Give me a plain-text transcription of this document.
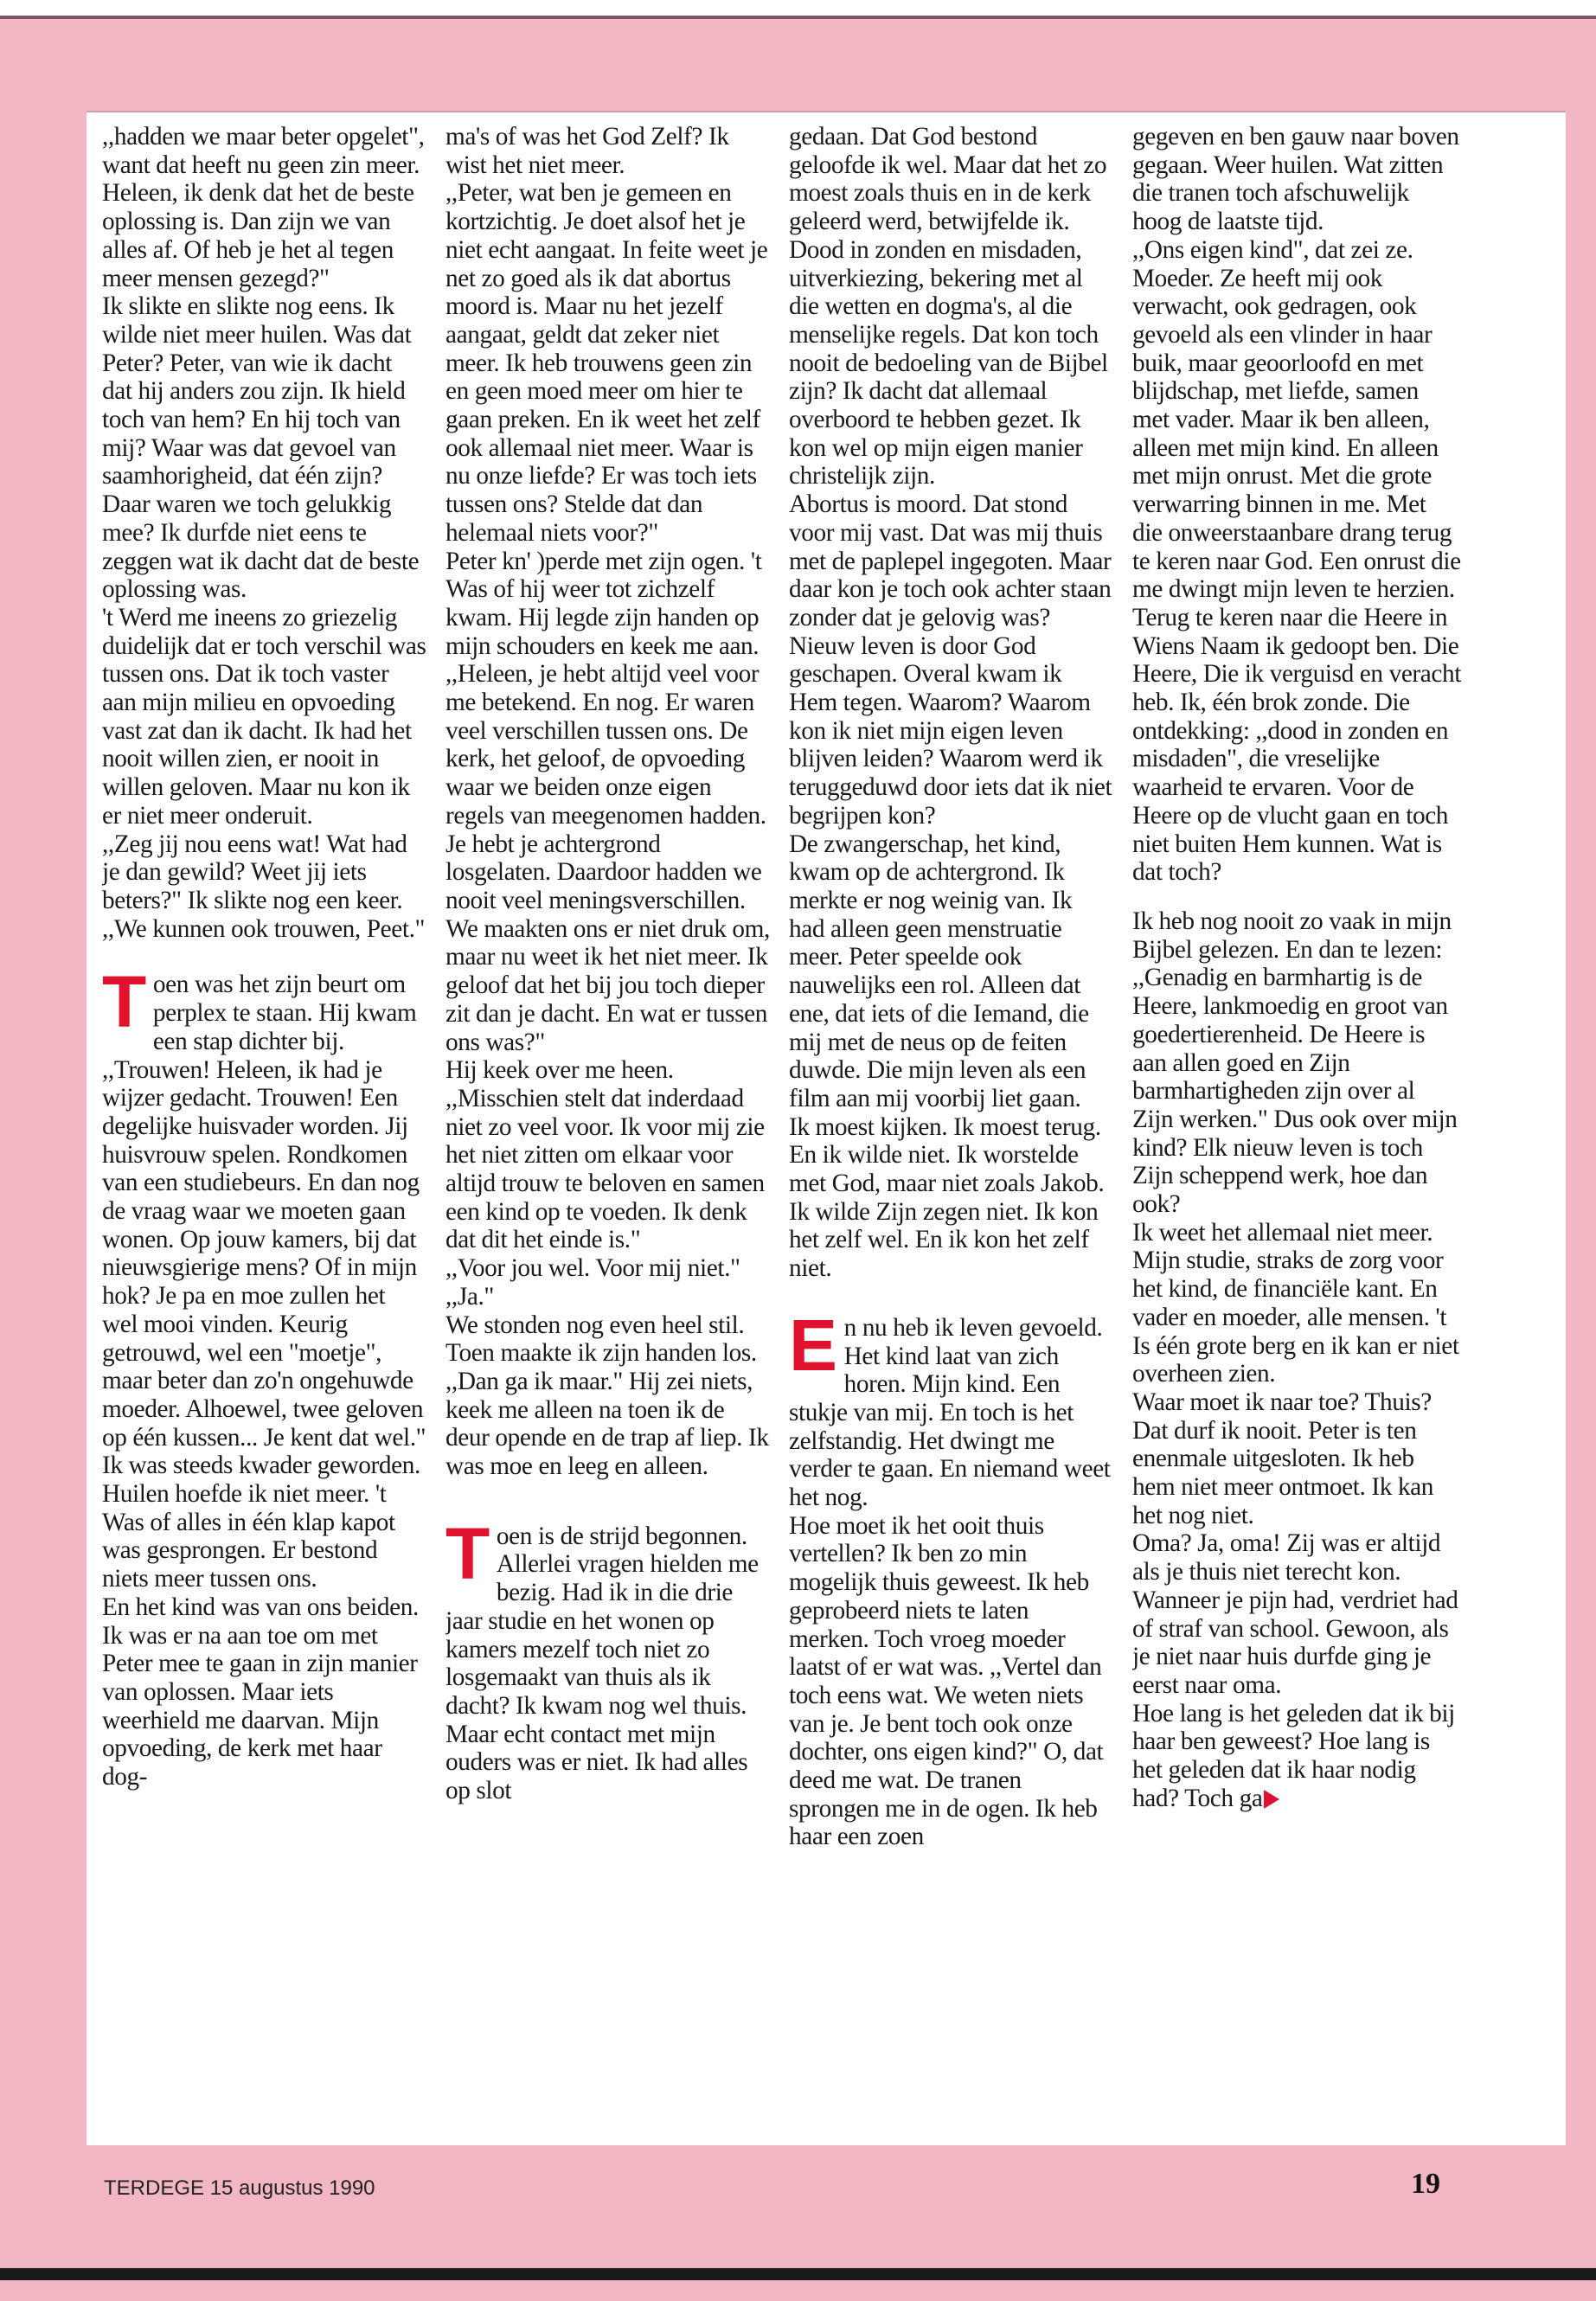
,,hadden we maar beter opgelet", want dat heeft nu geen zin meer. Heleen, ik denk dat het de beste oplossing is. Dan zijn we van alles af. Of heb je het al tegen meer mensen gezegd?"

Ik slikte en slikte nog eens. Ik wilde niet meer huilen. Was dat Peter? Peter, van wie ik dacht dat hij anders zou zijn. Ik hield toch van hem? En hij toch van mij? Waar was dat gevoel van saamhorigheid, dat één zijn? Daar waren we toch gelukkig mee? Ik durfde niet eens te zeggen wat ik dacht dat de beste oplossing was.

't Werd me ineens zo griezelig duidelijk dat er toch verschil was tussen ons. Dat ik toch vaster aan mijn milieu en opvoeding vast zat dan ik dacht. Ik had het nooit willen zien, er nooit in willen geloven. Maar nu kon ik er niet meer onderuit.

,,Zeg jij nou eens wat! Wat had je dan gewild? Weet jij iets beters?" Ik slikte nog een keer. ,,We kunnen ook trouwen, Peet."

Toen was het zijn beurt om perplex te staan. Hij kwam een stap dichter bij. ,,Trouwen! Heleen, ik had je wijzer gedacht. Trouwen! Een degelijke huisvader worden. Jij huisvrouw spelen. Rondkomen van een studiebeurs. En dan nog de vraag waar we moeten gaan wonen. Op jouw kamers, bij dat nieuwsgierige mens? Of in mijn hok? Je pa en moe zullen het wel mooi vinden. Keurig getrouwd, wel een "moetje", maar beter dan zo'n ongehuwde moeder. Alhoewel, twee geloven op één kussen... Je kent dat wel."

Ik was steeds kwader geworden. Huilen hoefde ik niet meer. 't Was of alles in één klap kapot was gesprongen. Er bestond niets meer tussen ons.

En het kind was van ons beiden. Ik was er na aan toe om met Peter mee te gaan in zijn manier van oplossen. Maar iets weerhield me daarvan. Mijn opvoeding, de kerk met haar dog-

ma's of was het God Zelf? Ik wist het niet meer.

,,Peter, wat ben je gemeen en kortzichtig. Je doet alsof het je niet echt aangaat. In feite weet je net zo goed als ik dat abortus moord is. Maar nu het jezelf aangaat, geldt dat zeker niet meer. Ik heb trouwens geen zin en geen moed meer om hier te gaan preken. En ik weet het zelf ook allemaal niet meer. Waar is nu onze liefde? Er was toch iets tussen ons? Stelde dat dan helemaal niets voor?"

Peter kn' )perde met zijn ogen. 't Was of hij weer tot zichzelf kwam. Hij legde zijn handen op mijn schouders en keek me aan. ,,Heleen, je hebt altijd veel voor me betekend. En nog. Er waren veel verschillen tussen ons. De kerk, het geloof, de opvoeding waar we beiden onze eigen regels van meegenomen hadden. Je hebt je achtergrond losgelaten. Daardoor hadden we nooit veel meningsverschillen. We maakten ons er niet druk om, maar nu weet ik het niet meer. Ik geloof dat het bij jou toch dieper zit dan je dacht. En wat er tussen ons was?"

Hij keek over me heen. ,,Misschien stelt dat inderdaad niet zo veel voor. Ik voor mij zie het niet zitten om elkaar voor altijd trouw te beloven en samen een kind op te voeden. Ik denk dat dit het einde is."

,,Voor jou wel. Voor mij niet."

,,Ja."

We stonden nog even heel stil. Toen maakte ik zijn handen los. ,,Dan ga ik maar." Hij zei niets, keek me alleen na toen ik de deur opende en de trap af liep. Ik was moe en leeg en alleen.

Toen is de strijd begonnen. Allerlei vragen hielden me bezig. Had ik in die drie jaar studie en het wonen op kamers mezelf toch niet zo losgemaakt van thuis als ik dacht? Ik kwam nog wel thuis. Maar echt contact met mijn ouders was er niet. Ik had alles op slot

gedaan. Dat God bestond geloofde ik wel. Maar dat het zo moest zoals thuis en in de kerk geleerd werd, betwijfelde ik. Dood in zonden en misdaden, uitverkiezing, bekering met al die wetten en dogma's, al die menselijke regels. Dat kon toch nooit de bedoeling van de Bijbel zijn? Ik dacht dat allemaal overboord te hebben gezet. Ik kon wel op mijn eigen manier christelijk zijn.

Abortus is moord. Dat stond voor mij vast. Dat was mij thuis met de paplepel ingegoten. Maar daar kon je toch ook achter staan zonder dat je gelovig was?

Nieuw leven is door God geschapen. Overal kwam ik Hem tegen. Waarom? Waarom kon ik niet mijn eigen leven blijven leiden? Waarom werd ik teruggeduwd door iets dat ik niet begrijpen kon?

De zwangerschap, het kind, kwam op de achtergrond. Ik merkte er nog weinig van. Ik had alleen geen menstruatie meer. Peter speelde ook nauwelijks een rol. Alleen dat ene, dat iets of die Iemand, die mij met de neus op de feiten duwde. Die mijn leven als een film aan mij voorbij liet gaan.

Ik moest kijken. Ik moest terug. En ik wilde niet. Ik worstelde met God, maar niet zoals Jakob. Ik wilde Zijn zegen niet. Ik kon het zelf wel. En ik kon het zelf niet.

En nu heb ik leven gevoeld. Het kind laat van zich horen. Mijn kind. Een stukje van mij. En toch is het zelfstandig. Het dwingt me verder te gaan. En niemand weet het nog.

Hoe moet ik het ooit thuis vertellen? Ik ben zo min mogelijk thuis geweest. Ik heb geprobeerd niets te laten merken. Toch vroeg moeder laatst of er wat was. ,,Vertel dan toch eens wat. We weten niets van je. Je bent toch ook onze dochter, ons eigen kind?" O, dat deed me wat. De tranen sprongen me in de ogen. Ik heb haar een zoen

gegeven en ben gauw naar boven gegaan. Weer huilen. Wat zitten die tranen toch afschuwelijk hoog de laatste tijd.

,,Ons eigen kind", dat zei ze. Moeder. Ze heeft mij ook verwacht, ook gedragen, ook gevoeld als een vlinder in haar buik, maar geoorloofd en met blijdschap, met liefde, samen met vader. Maar ik ben alleen, alleen met mijn kind. En alleen met mijn onrust. Met die grote verwarring binnen in me. Met die onweerstaanbare drang terug te keren naar God. Een onrust die me dwingt mijn leven te herzien. Terug te keren naar die Heere in Wiens Naam ik gedoopt ben. Die Heere, Die ik verguisd en veracht heb. Ik, één brok zonde. Die ontdekking: ,,dood in zonden en misdaden", die vreselijke waarheid te ervaren. Voor de Heere op de vlucht gaan en toch niet buiten Hem kunnen. Wat is dat toch?

Ik heb nog nooit zo vaak in mijn Bijbel gelezen. En dan te lezen: ,,Genadig en barmhartig is de Heere, lankmoedig en groot van goedertierenheid. De Heere is aan allen goed en Zijn barmhartigheden zijn over al Zijn werken." Dus ook over mijn kind? Elk nieuw leven is toch Zijn scheppend werk, hoe dan ook?

Ik weet het allemaal niet meer. Mijn studie, straks de zorg voor het kind, de financiële kant. En vader en moeder, alle mensen. 't Is één grote berg en ik kan er niet overheen zien.

Waar moet ik naar toe? Thuis? Dat durf ik nooit. Peter is ten enenmale uitgesloten. Ik heb hem niet meer ontmoet. Ik kan het nog niet.

Oma? Ja, oma! Zij was er altijd als je thuis niet terecht kon. Wanneer je pijn had, verdriet had of straf van school. Gewoon, als je niet naar huis durfde ging je eerst naar oma.

Hoe lang is het geleden dat ik bij haar ben geweest? Hoe lang is het geleden dat ik haar nodig had? Toch ga

TERDEGE 15 augustus 1990	19
